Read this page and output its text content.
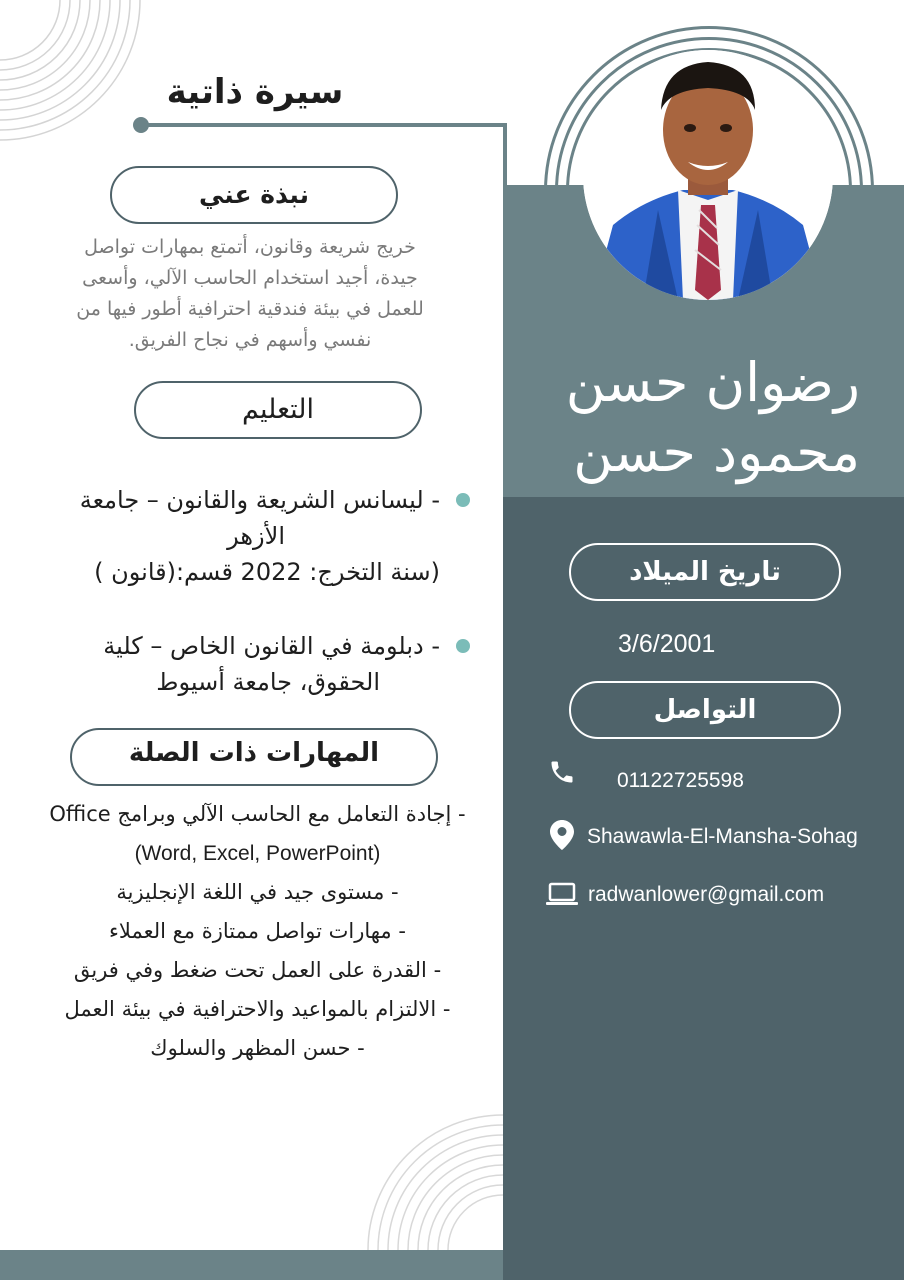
سيرة ذاتية
نبذة عني
خريج شريعة وقانون، أتمتع بمهارات تواصل
جيدة، أجيد استخدام الحاسب الآلي، وأسعى
للعمل في بيئة فندقية احترافية أطور فيها من
نفسي وأسهم في نجاح الفريق.
التعليم
- ليسانس الشريعة والقانون – جامعة
الأزهر
(سنة التخرج: 2022 قسم:(قانون )
- دبلومة في القانون الخاص – كلية
الحقوق، جامعة أسيوط
المهارات ذات الصلة
- إجادة التعامل مع الحاسب الآلي وبرامج Office
(Word, Excel, PowerPoint)
- مستوى جيد في اللغة الإنجليزية
- مهارات تواصل ممتازة مع العملاء
- القدرة على العمل تحت ضغط وفي فريق
- الالتزام بالمواعيد والاحترافية في بيئة العمل
- حسن المظهر والسلوك
رضوان حسن
محمود حسن
تاريخ الميلاد
3/6/2001
التواصل
01122725598
Shawawla-El-Mansha-Sohag
radwanlower@gmail.com
